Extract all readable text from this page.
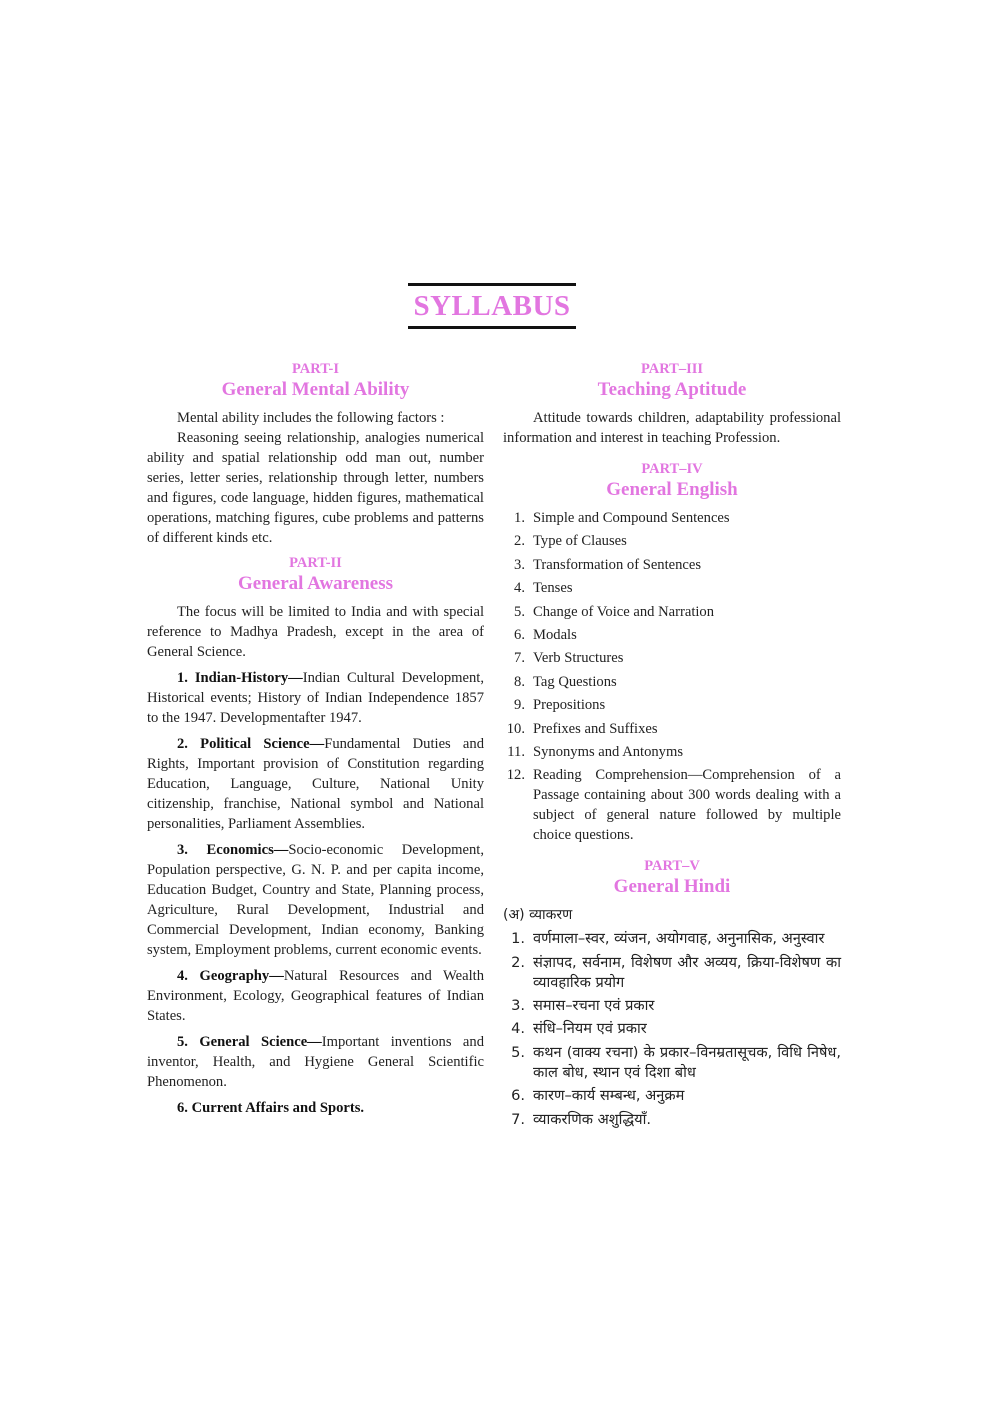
SYLLABUS
PART-I
General Mental Ability

Mental ability includes the following factors :

Reasoning seeing relationship, analogies numerical ability and spatial relationship odd man out, number series, letter series, relationship through letter, numbers and figures, code language, hidden figures, mathematical operations, matching figures, cube problems and patterns of different kinds etc.

PART-II
General Awareness

The focus will be limited to India and with special reference to Madhya Pradesh, except in the area of General Science.

1. Indian-History—Indian Cultural Development, Historical events; History of Indian Independence 1857 to the 1947. Developmentafter 1947.

2. Political Science—Fundamental Duties and Rights, Important provision of Constitution regarding Education, Language, Culture, National Unity citizenship, franchise, National symbol and National personalities, Parliament Assemblies.

3. Economics—Socio-economic Development, Population perspective, G. N. P. and per capita income, Education Budget, Country and State, Planning process, Agriculture, Rural Development, Industrial and Commercial Development, Indian economy, Banking system, Employment problems, current economic events.

4. Geography—Natural Resources and Wealth Environment, Ecology, Geographical features of Indian States.

5. General Science—Important inventions and inventor, Health, and Hygiene General Scientific Phenomenon.

6. Current Affairs and Sports.

PART–III
Teaching Aptitude

Attitude towards children, adaptability professional information and interest in teaching Profession.

PART–IV
General English
1. Simple and Compound Sentences
2. Type of Clauses
3. Transformation of Sentences
4. Tenses
5. Change of Voice and Narration
6. Modals
7. Verb Structures
8. Tag Questions
9. Prepositions
10. Prefixes and Suffixes
11. Synonyms and Antonyms
12. Reading Comprehension—Comprehension of a Passage containing about 300 words dealing with a subject of general nature followed by multiple choice questions.
PART–V
General Hindi
(अ) व्याकरण
1. वर्णमाला–स्वर, व्यंजन, अयोगवाह, अनुनासिक, अनुस्वार
2. संज्ञापद, सर्वनाम, विशेषण और अव्यय, क्रिया-विशेषण का व्यावहारिक प्रयोग
3. समास–रचना एवं प्रकार
4. संधि–नियम एवं प्रकार
5. कथन (वाक्य रचना) के प्रकार–विनम्रतासूचक, विधि निषेध, काल बोध, स्थान एवं दिशा बोध
6. कारण–कार्य सम्बन्ध, अनुक्रम
7. व्याकरणिक अशुद्धियाँ.
